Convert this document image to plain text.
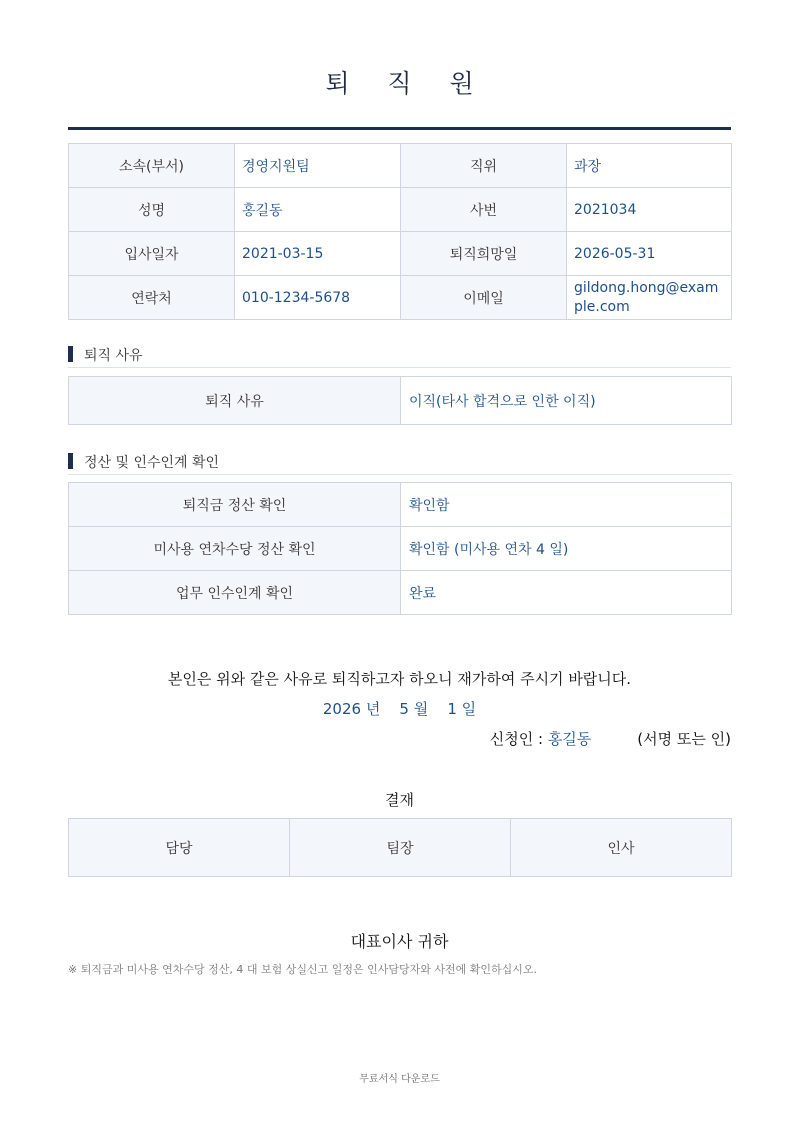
퇴 직 원
소속(부서)	경영지원팀	직위	과장
성명	홍길동	사번	2021034
입사일자	2021-03-15	퇴직희망일	2026-05-31
연락처	010-1234-5678	이메일	gildong.hong@example.com
퇴직 사유
퇴직 사유	이직(타사 합격으로 인한 이직)
정산 및 인수인계 확인
퇴직금 정산 확인	확인함
미사용 연차수당 정산 확인	확인함 (미사용 연차 4 일)
업무 인수인계 확인	완료
본인은 위와 같은 사유로 퇴직하고자 하오니 재가하여 주시기 바랍니다.
2026 년 5 월 1 일
신청인 : 홍길동	(서명 또는 인)
결재
담당	팀장	인사
대표이사 귀하
※ 퇴직금과 미사용 연차수당 정산, 4 대 보험 상실신고 일정은 인사담당자와 사전에 확인하십시오.
무료서식 다운로드
